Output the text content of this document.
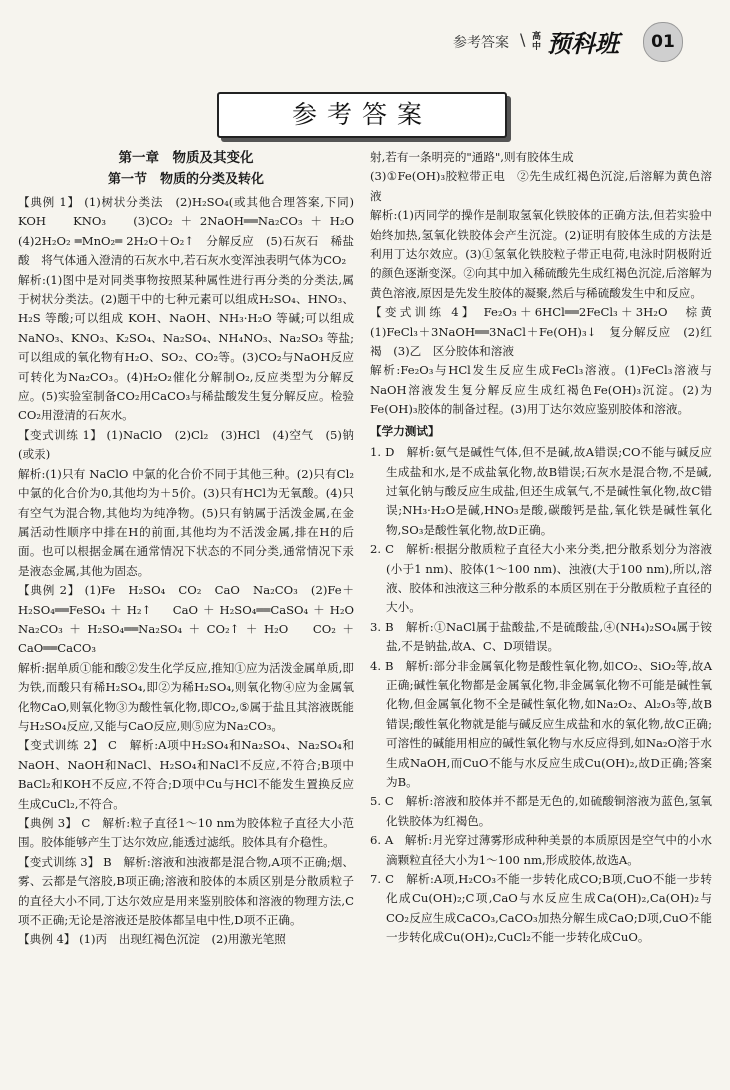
参考答案 \ 高中 预科班	01
参考答案
第一章　物质及其变化
第一节　物质的分类及转化

【典例 1】 (1)树状分类法　(2)H₂SO₄(或其他合理答案,下同)　KOH　KNO₃　(3)CO₂＋2NaOH══Na₂CO₃＋H₂O　(4)2H₂O₂ ═MnO₂═ 2H₂O＋O₂↑　分解反应　(5)石灰石　稀盐酸　将气体通入澄清的石灰水中,若石灰水变浑浊表明气体为CO₂

解析:(1)图中是对同类事物按照某种属性进行再分类的分类法,属于树状分类法。(2)题干中的七种元素可以组成H₂SO₄、HNO₃、H₂S 等酸;可以组成 KOH、NaOH、NH₃·H₂O 等碱;可以组成 NaNO₃、KNO₃、K₂SO₄、Na₂SO₄、NH₄NO₃、Na₂SO₃ 等盐;可以组成的氧化物有H₂O、SO₂、CO₂等。(3)CO₂与NaOH反应可转化为Na₂CO₃。(4)H₂O₂催化分解制O₂,反应类型为分解反应。(5)实验室制备CO₂用CaCO₃与稀盐酸发生复分解反应。检验CO₂用澄清的石灰水。

【变式训练 1】 (1)NaClO　(2)Cl₂　(3)HCl　(4)空气　(5)钠(或汞)

解析:(1)只有 NaClO 中氯的化合价不同于其他三种。(2)只有Cl₂中氯的化合价为0,其他均为＋5价。(3)只有HCl为无氧酸。(4)只有空气为混合物,其他均为纯净物。(5)只有钠属于活泼金属,在金属活动性顺序中排在H的前面,其他均为不活泼金属,排在H的后面。也可以根据金属在通常情况下状态的不同分类,通常情况下汞是液态金属,其他为固态。

【典例 2】 (1)Fe　H₂SO₄　CO₂　CaO　Na₂CO₃　(2)Fe＋H₂SO₄══FeSO₄＋H₂↑　CaO＋H₂SO₄══CaSO₄＋H₂O　Na₂CO₃＋H₂SO₄══Na₂SO₄＋CO₂↑＋H₂O　CO₂＋CaO══CaCO₃

解析:据单质①能和酸②发生化学反应,推知①应为活泼金属单质,即为铁,而酸只有稀H₂SO₄,即②为稀H₂SO₄,则氧化物④应为金属氧化物CaO,则氧化物③为酸性氧化物,即CO₂,⑤属于盐且其溶液既能与H₂SO₄反应,又能与CaO反应,则⑤应为Na₂CO₃。

【变式训练 2】 C　解析:A项中H₂SO₄和Na₂SO₄、Na₂SO₄和NaOH、NaOH和NaCl、H₂SO₄和NaCl不反应,不符合;B项中BaCl₂和KOH不反应,不符合;D项中Cu与HCl不能发生置换反应生成CuCl₂,不符合。

【典例 3】 C　解析:粒子直径1～10 nm为胶体粒子直径大小范围。胶体能够产生丁达尔效应,能透过滤纸。胶体具有介稳性。

【变式训练 3】 B　解析:溶液和浊液都是混合物,A项不正确;烟、雾、云都是气溶胶,B项正确;溶液和胶体的本质区别是分散质粒子的直径大小不同,丁达尔效应是用来鉴别胶体和溶液的物理方法,C项不正确;无论是溶液还是胶体都呈电中性,D项不正确。

【典例 4】 (1)丙　出现红褐色沉淀　(2)用激光笔照

射,若有一条明亮的"通路",则有胶体生成

(3)①Fe(OH)₃胶粒带正电　②先生成红褐色沉淀,后溶解为黄色溶液

解析:(1)丙同学的操作是制取氢氧化铁胶体的正确方法,但若实验中始终加热,氢氧化铁胶体会产生沉淀。(2)证明有胶体生成的方法是利用丁达尔效应。(3)①氢氧化铁胶粒子带正电荷,电泳时阴极附近的颜色逐渐变深。②向其中加入稀硫酸先生成红褐色沉淀,后溶解为黄色溶液,原因是先发生胶体的凝聚,然后与稀硫酸发生中和反应。

【变式训练 4】 Fe₂O₃＋6HCl══2FeCl₃＋3H₂O　棕黄　(1)FeCl₃＋3NaOH══3NaCl＋Fe(OH)₃↓　复分解反应　(2)红褐　(3)乙　区分胶体和溶液

解析:Fe₂O₃与HCl发生反应生成FeCl₃溶液。(1)FeCl₃溶液与NaOH溶液发生复分解反应生成红褐色Fe(OH)₃沉淀。(2)为Fe(OH)₃胶体的制备过程。(3)用丁达尔效应鉴别胶体和溶液。

【学力测试】

1. D　解析:氨气是碱性气体,但不是碱,故A错误;CO不能与碱反应生成盐和水,是不成盐氧化物,故B错误;石灰水是混合物,不是碱,过氧化钠与酸反应生成盐,但还生成氧气,不是碱性氧化物,故C错误;NH₃·H₂O是碱,HNO₃是酸,碳酸钙是盐,氧化铁是碱性氧化物,SO₃是酸性氧化物,故D正确。

2. C　解析:根据分散质粒子直径大小来分类,把分散系划分为溶液(小于1 nm)、胶体(1～100 nm)、浊液(大于100 nm),所以,溶液、胶体和浊液这三种分散系的本质区别在于分散质粒子直径的大小。

3. B　解析:①NaCl属于盐酸盐,不是硫酸盐,④(NH₄)₂SO₄属于铵盐,不是钠盐,故A、C、D项错误。

4. B　解析:部分非金属氧化物是酸性氧化物,如CO₂、SiO₂等,故A正确;碱性氧化物都是金属氧化物,非金属氧化物不可能是碱性氧化物,但金属氧化物不全是碱性氧化物,如Na₂O₂、Al₂O₃等,故B错误;酸性氧化物就是能与碱反应生成盐和水的氧化物,故C正确;可溶性的碱能用相应的碱性氧化物与水反应得到,如Na₂O溶于水生成NaOH,而CuO不能与水反应生成Cu(OH)₂,故D正确;答案为B。

5. C　解析:溶液和胶体并不都是无色的,如硫酸铜溶液为蓝色,氢氧化铁胶体为红褐色。

6. A　解析:月光穿过薄雾形成种种美景的本质原因是空气中的小水滴颗粒直径大小为1～100 nm,形成胶体,故选A。

7. C　解析:A项,H₂CO₃不能一步转化成CO;B项,CuO不能一步转化成Cu(OH)₂;C项,CaO与水反应生成Ca(OH)₂,Ca(OH)₂与CO₂反应生成CaCO₃,CaCO₃加热分解生成CaO;D项,CuO不能一步转化成Cu(OH)₂,CuCl₂不能一步转化成CuO。
